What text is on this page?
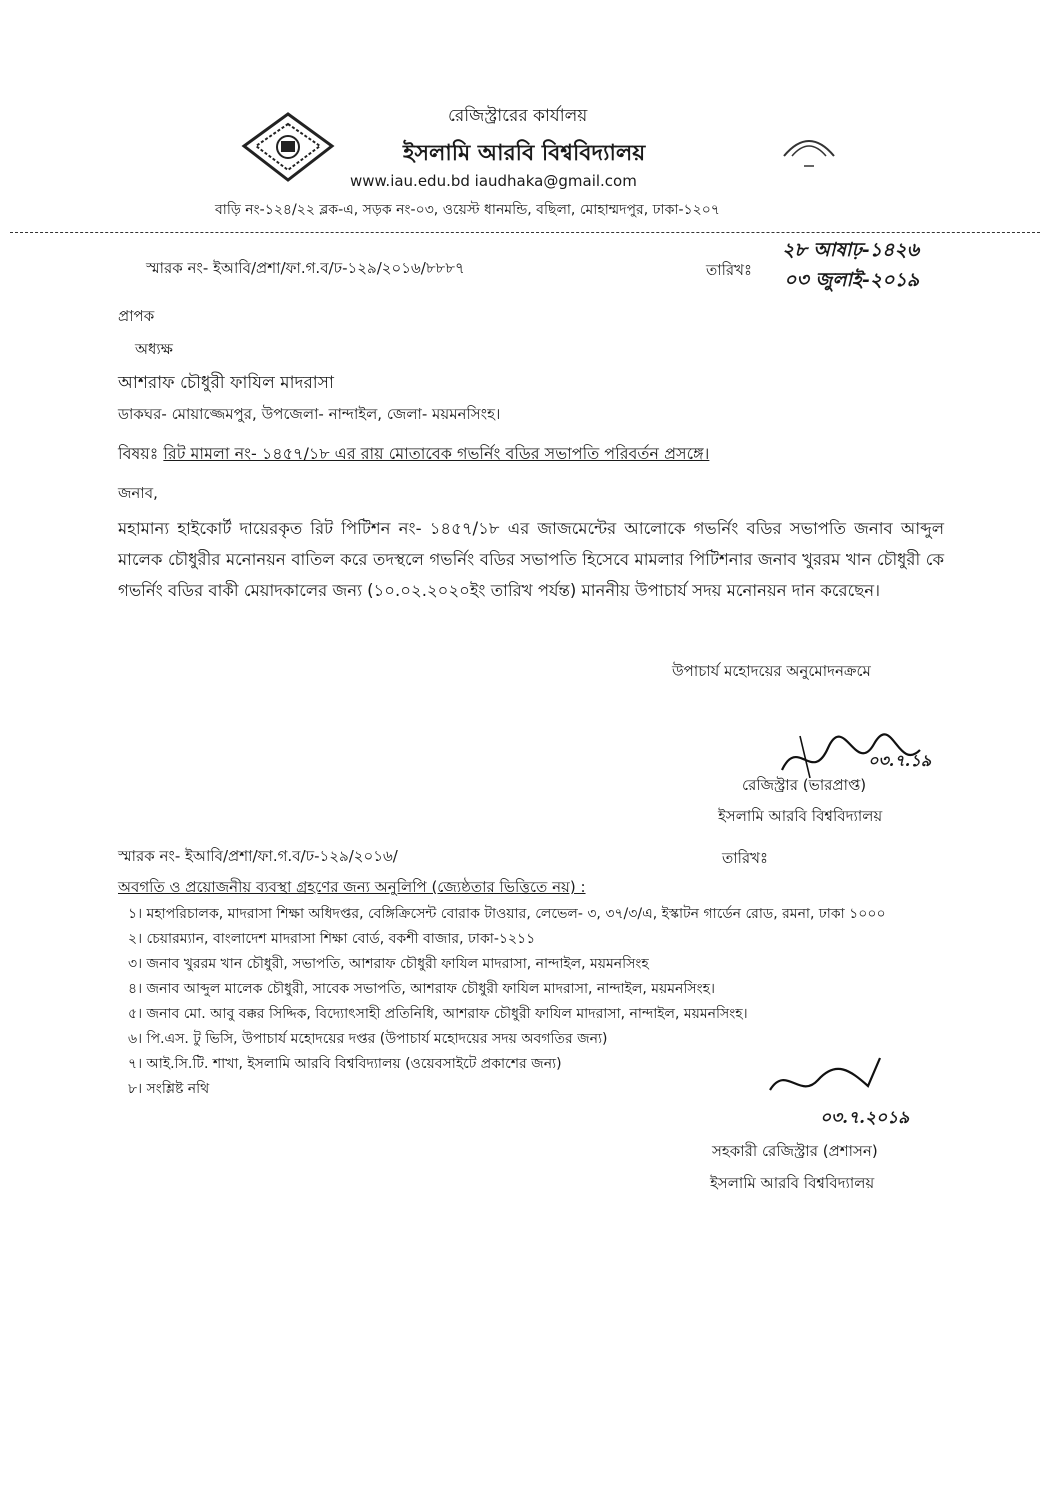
রেজিস্ট্রারের কার্যালয়
ইসলামি আরবি বিশ্ববিদ্যালয়
www.iau.edu.bd iaudhaka@gmail.com
বাড়ি নং-১২৪/২২ ব্লক-এ, সড়ক নং-০৩, ওয়েস্ট ধানমন্ডি, বছিলা, মোহাম্মদপুর, ঢাকা-১২০৭
স্মারক নং- ইআবি/প্রশা/ফা.গ.ব/ঢ-১২৯/২০১৬/৮৮৮৭	তারিখঃ
২৮ আষাঢ়-১৪২৬
০৩ জুলাই-২০১৯
প্রাপক
অধ্যক্ষ
আশরাফ চৌধুরী ফাযিল মাদরাসা
ডাকঘর- মোয়াজ্জেমপুর, উপজেলা- নান্দাইল, জেলা- ময়মনসিংহ।
বিষয়ঃ রিট মামলা নং- ১৪৫৭/১৮ এর রায় মোতাবেক গভর্নিং বডির সভাপতি পরিবর্তন প্রসঙ্গে।
জনাব,
মহামান্য হাইকোর্ট দায়েরকৃত রিট পিটিশন নং- ১৪৫৭/১৮ এর জাজমেন্টের আলোকে গভর্নিং বডির সভাপতি জনাব আব্দুল মালেক চৌধুরীর মনোনয়ন বাতিল করে তদস্থলে গভর্নিং বডির সভাপতি হিসেবে মামলার পিটিশনার জনাব খুররম খান চৌধুরী কে গভর্নিং বডির বাকী মেয়াদকালের জন্য (১০.০২.২০২০ইং তারিখ পর্যন্ত) মাননীয় উপাচার্য সদয় মনোনয়ন দান করেছেন।
উপাচার্য মহোদয়ের অনুমোদনক্রমে
০৩.৭.১৯
রেজিস্ট্রার (ভারপ্রাপ্ত)
ইসলামি আরবি বিশ্ববিদ্যালয়
স্মারক নং- ইআবি/প্রশা/ফা.গ.ব/ঢ-১২৯/২০১৬/	তারিখঃ
অবগতি ও প্রয়োজনীয় ব্যবস্থা গ্রহণের জন্য অনুলিপি (জ্যেষ্ঠতার ভিত্তিতে নয়) :
১। মহাপরিচালক, মাদরাসা শিক্ষা অধিদপ্তর, বেঙ্গিক্রিসেন্ট বোরাক টাওয়ার, লেভেল- ৩, ৩৭/৩/এ, ইস্কাটন গার্ডেন রোড, রমনা, ঢাকা ১০০০
২। চেয়ারম্যান, বাংলাদেশ মাদরাসা শিক্ষা বোর্ড, বকশী বাজার, ঢাকা-১২১১
৩। জনাব খুররম খান চৌধুরী, সভাপতি, আশরাফ চৌধুরী ফাযিল মাদরাসা, নান্দাইল, ময়মনসিংহ
৪। জনাব আব্দুল মালেক চৌধুরী, সাবেক সভাপতি, আশরাফ চৌধুরী ফাযিল মাদরাসা, নান্দাইল, ময়মনসিংহ।
৫। জনাব মো. আবু বক্কর সিদ্দিক, বিদ্যোৎসাহী প্রতিনিধি, আশরাফ চৌধুরী ফাযিল মাদরাসা, নান্দাইল, ময়মনসিংহ।
৬। পি.এস. টু ভিসি, উপাচার্য মহোদয়ের দপ্তর (উপাচার্য মহোদয়ের সদয় অবগতির জন্য)
৭। আই.সি.টি. শাখা, ইসলামি আরবি বিশ্ববিদ্যালয় (ওয়েবসাইটে প্রকাশের জন্য)
৮। সংশ্লিষ্ট নথি
০৩.৭.২০১৯
সহকারী রেজিস্ট্রার (প্রশাসন)
ইসলামি আরবি বিশ্ববিদ্যালয়
